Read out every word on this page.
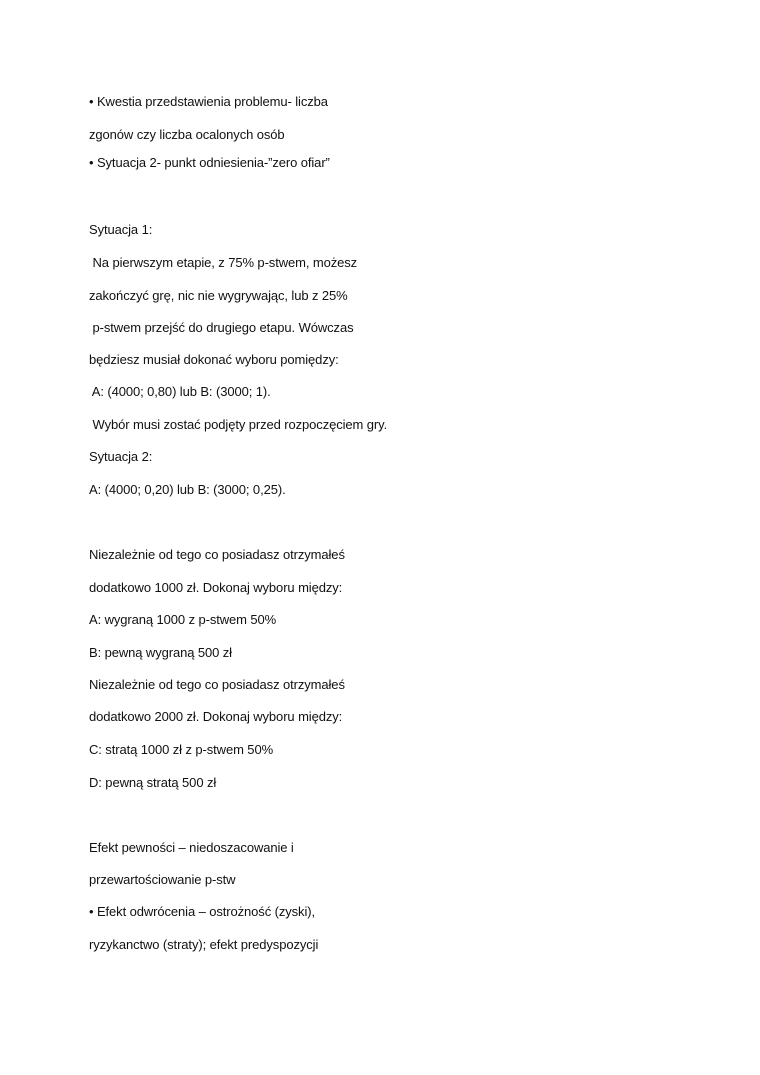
• Kwestia przedstawienia problemu- liczba
zgonów czy liczba ocalonych osób
• Sytuacja 2- punkt odniesienia-”zero ofiar”
Sytuacja 1:
Na pierwszym etapie, z 75% p-stwem, możesz
zakończyć grę, nic nie wygrywając, lub z 25%
p-stwem przejść do drugiego etapu. Wówczas
będziesz musiał dokonać wyboru pomiędzy:
A: (4000; 0,80) lub B: (3000; 1).
Wybór musi zostać podjęty przed rozpoczęciem gry.
Sytuacja 2:
A: (4000; 0,20) lub B: (3000; 0,25).
Niezależnie od tego co posiadasz otrzymałeś
dodatkowo 1000 zł. Dokonaj wyboru między:
A: wygraną 1000 z p-stwem 50%
B: pewną wygraną 500 zł
Niezależnie od tego co posiadasz otrzymałeś
dodatkowo 2000 zł. Dokonaj wyboru między:
C: stratą 1000 zł z p-stwem 50%
D: pewną stratą 500 zł
Efekt pewności – niedoszacowanie i
przewartościowanie p-stw
• Efekt odwrócenia – ostrożność (zyski),
ryzykanctwo (straty); efekt predyspozycji
